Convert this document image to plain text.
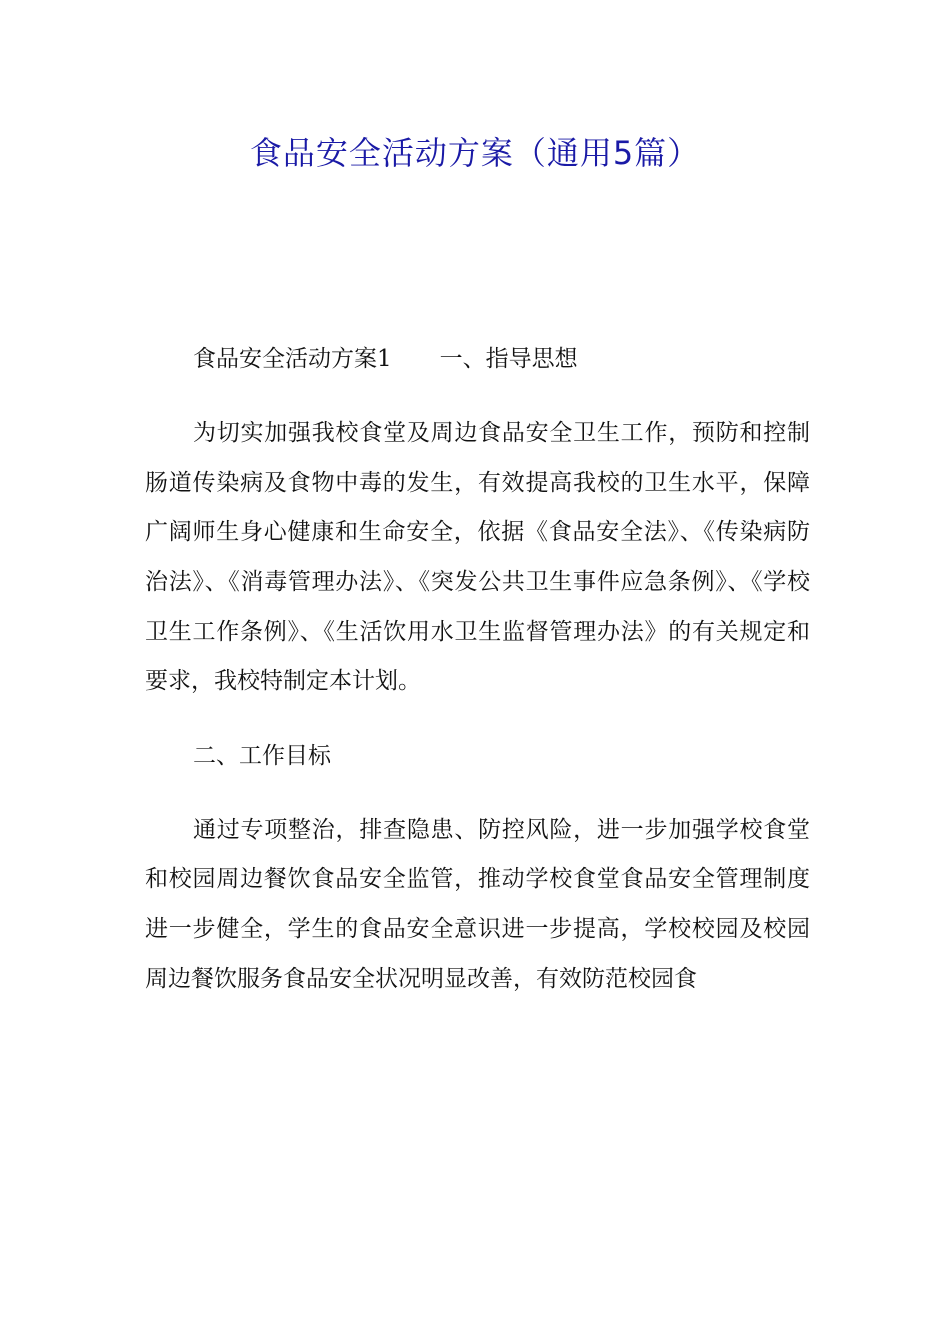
食品安全活动方案（通用5篇）

食品安全活动方案1 一、指导思想

为切实加强我校食堂及周边食品安全卫生工作，预防和控制肠道传染病及食物中毒的发生，有效提高我校的卫生水平，保障广阔师生身心健康和生命安全，依据《食品安全法》、《传染病防治法》、《消毒管理办法》、《突发公共卫生事件应急条例》、《学校卫生工作条例》、《生活饮用水卫生监督管理办法》的有关规定和要求，我校特制定本计划。

二、工作目标

通过专项整治，排查隐患、防控风险，进一步加强学校食堂和校园周边餐饮食品安全监管，推动学校食堂食品安全管理制度进一步健全，学生的食品安全意识进一步提高，学校校园及校园周边餐饮服务食品安全状况明显改善，有效防范校园食
